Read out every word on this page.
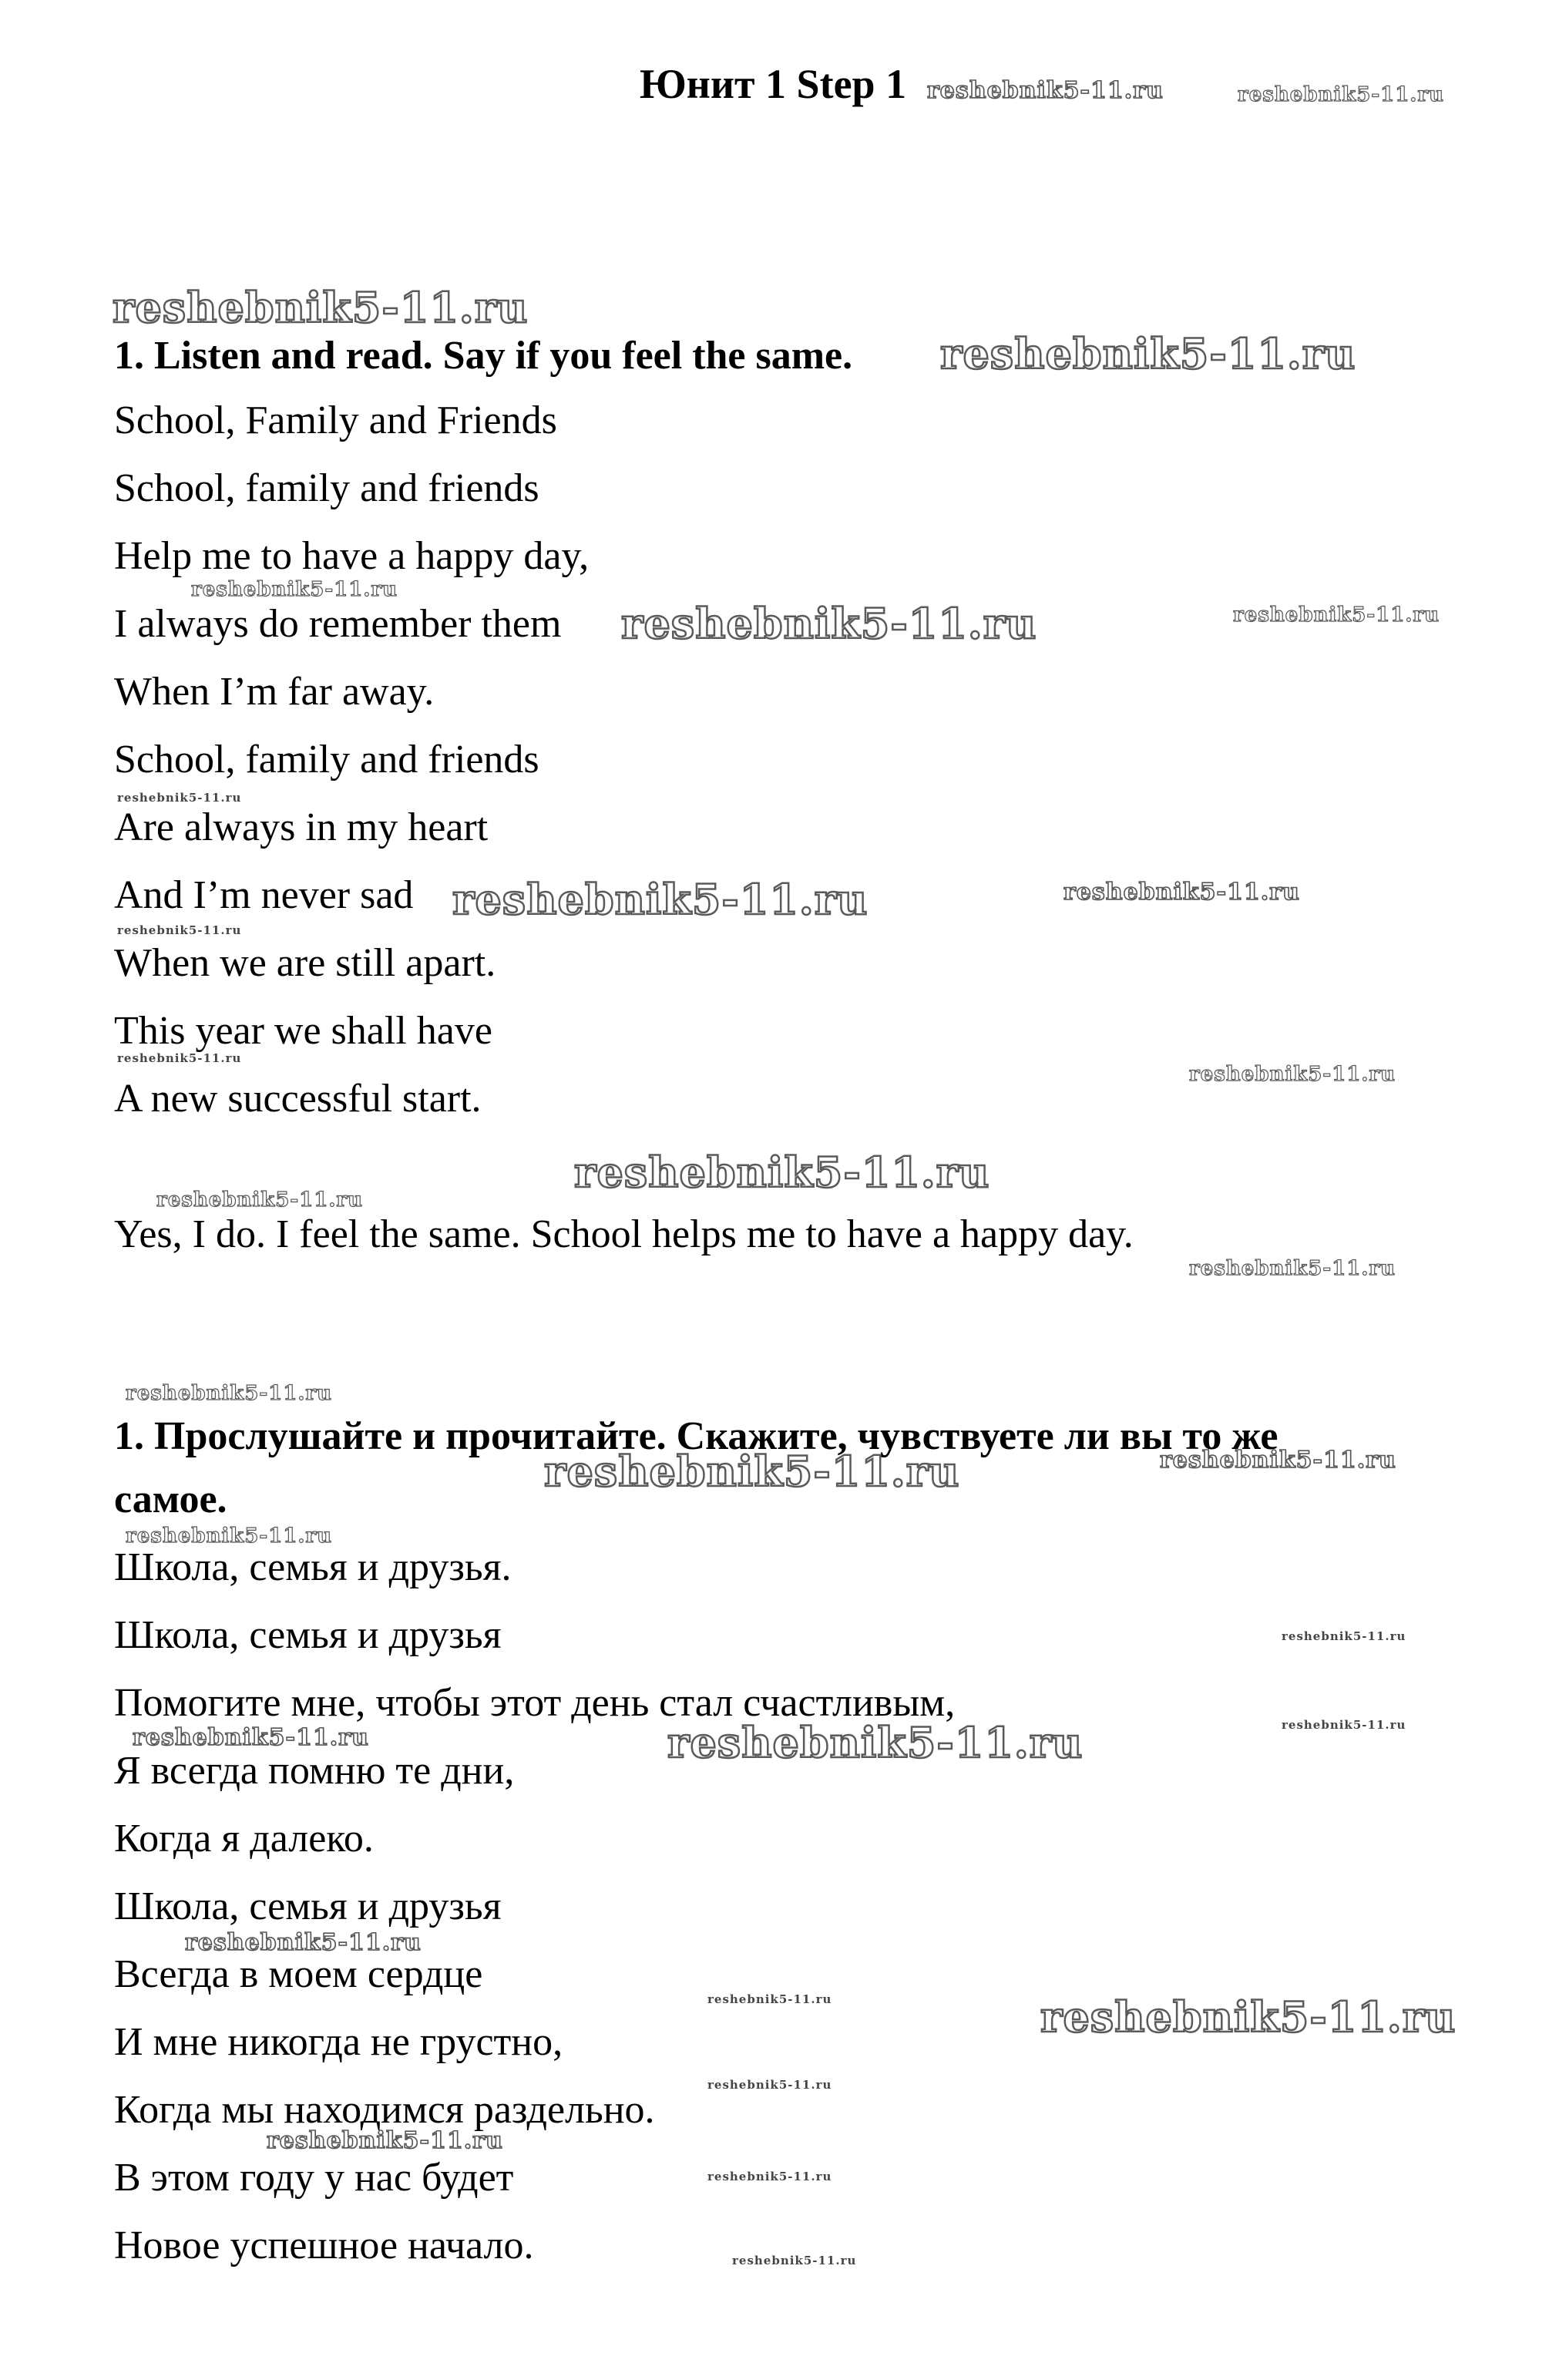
Юнит 1 Step 1
1. Listen and read. Say if you feel the same.
School, Family and Friends
School, family and friends
Help me to have a happy day,
I always do remember them
When I’m far away.
School, family and friends
Are always in my heart
And I’m never sad
When we are still apart.
This year we shall have
A new successful start.
Yes, I do. I feel the same. School helps me to have a happy day.
1. Прослушайте и прочитайте. Скажите, чувствуете ли вы то же
самое.
Школа, семья и друзья.
Школа, семья и друзья
Помогите мне, чтобы этот день стал счастливым,
Я всегда помню те дни,
Когда я далеко.
Школа, семья и друзья
Всегда в моем сердце
И мне никогда не грустно,
Когда мы находимся раздельно.
В этом году у нас будет
Новое успешное начало.
reshebnik5-11.ru	reshebnik5-11.ru
reshebnik5-11.ru
reshebnik5-11.ru
reshebnik5-11.ru
reshebnik5-11.ru	reshebnik5-11.ru
reshebnik5-11.ru
reshebnik5-11.ru	reshebnik5-11.ru
reshebnik5-11.ru
reshebnik5-11.ru
reshebnik5-11.ru
reshebnik5-11.ru
reshebnik5-11.ru
reshebnik5-11.ru
reshebnik5-11.ru
reshebnik5-11.ru	reshebnik5-11.ru
reshebnik5-11.ru
reshebnik5-11.ru
reshebnik5-11.ru	reshebnik5-11.ru	reshebnik5-11.ru
reshebnik5-11.ru
reshebnik5-11.ru	reshebnik5-11.ru
reshebnik5-11.ru
reshebnik5-11.ru
reshebnik5-11.ru
reshebnik5-11.ru
